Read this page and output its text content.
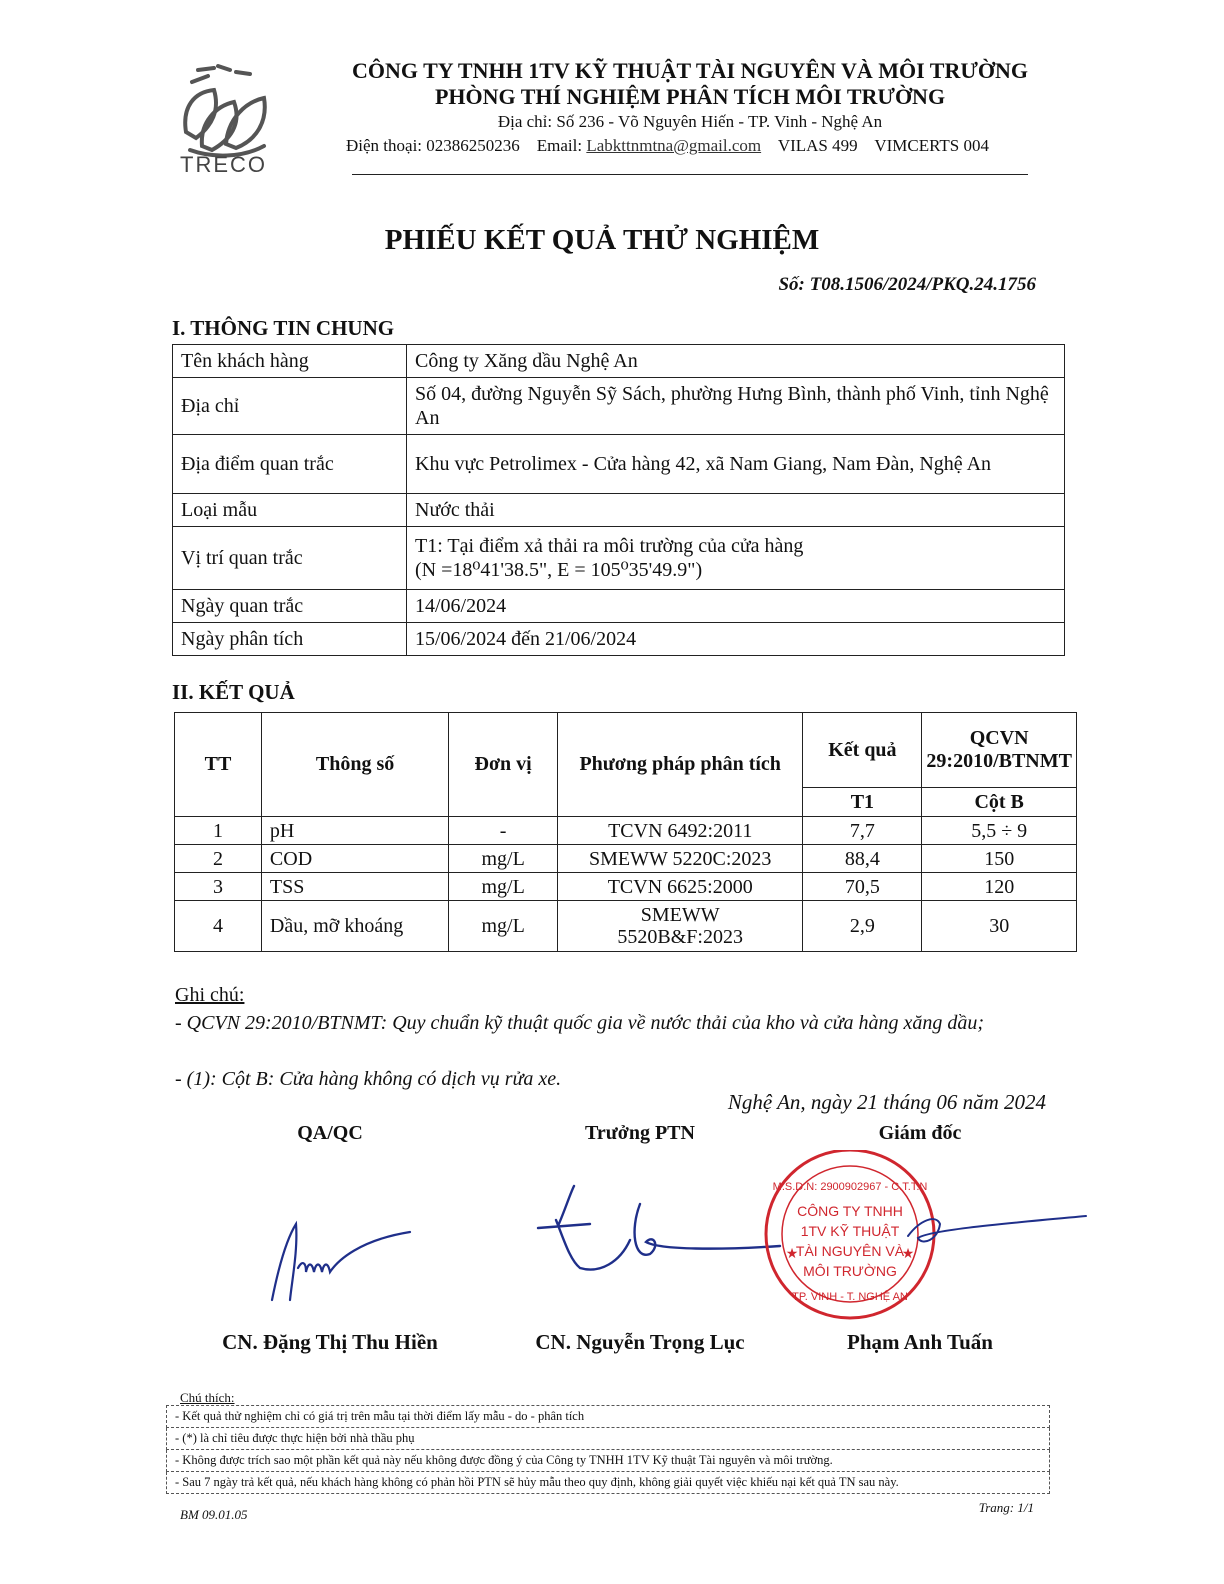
TRECO
CÔNG TY TNHH 1TV KỸ THUẬT TÀI NGUYÊN VÀ MÔI TRƯỜNG
PHÒNG THÍ NGHIỆM PHÂN TÍCH MÔI TRƯỜNG
Địa chỉ: Số 236 - Võ Nguyên Hiến - TP. Vinh - Nghệ An
Điện thoại: 02386250236 Email: Labkttnmtna@gmail.com VILAS 499 VIMCERTS 004
PHIẾU KẾT QUẢ THỬ NGHIỆM
Số: T08.1506/2024/PKQ.24.1756
I. THÔNG TIN CHUNG
Tên khách hàng	Công ty Xăng dầu Nghệ An
Địa chỉ	Số 04, đường Nguyễn Sỹ Sách, phường Hưng Bình, thành phố Vinh, tỉnh Nghệ An
Địa điểm quan trắc	Khu vực Petrolimex - Cửa hàng 42, xã Nam Giang, Nam Đàn, Nghệ An
Loại mẫu	Nước thải
Vị trí quan trắc	T1: Tại điểm xả thải ra môi trường của cửa hàng
(N =18⁰41'38.5", E = 105⁰35'49.9")

Ngày quan trắc	14/06/2024
Ngày phân tích	15/06/2024 đến 21/06/2024
II. KẾT QUẢ
TT	Thông số	Đơn vị	Phương pháp phân tích	Kết quả	QCVN 29:2010/BTNMT
				T1	Cột B
1	pH	-	TCVN 6492:2011	7,7	5,5 ÷ 9
2	COD	mg/L	SMEWW 5220C:2023	88,4	150
3	TSS	mg/L	TCVN 6625:2000	70,5	120
4	Dầu, mỡ khoáng	mg/L	SMEWW 5520B&F:2023	2,9	30
Ghi chú:
- QCVN 29:2010/BTNMT: Quy chuẩn kỹ thuật quốc gia về nước thải của kho và cửa hàng xăng dầu;
- (1): Cột B: Cửa hàng không có dịch vụ rửa xe.
Nghệ An, ngày 21 tháng 06 năm 2024
QA/QC	Trưởng PTN	Giám đốc
M.S.D.N: 2900902967 - C.T.T.N
CÔNG TY TNHH
1TV KỸ THUẬT
TÀI NGUYÊN VÀ
MÔI TRƯỜNG
TP. VINH - T. NGHỆ AN
★	★
CN. Đặng Thị Thu Hiền	CN. Nguyễn Trọng Lục	Phạm Anh Tuấn
Chú thích:
- Kết quả thử nghiệm chỉ có giá trị trên mẫu tại thời điểm lấy mẫu - do - phân tích
- (*) là chỉ tiêu được thực hiện bởi nhà thầu phụ
- Không được trích sao một phần kết quả này nếu không được đồng ý của Công ty TNHH 1TV Kỹ thuật Tài nguyên và môi trường.
- Sau 7 ngày trả kết quả, nếu khách hàng không có phản hồi PTN sẽ hủy mẫu theo quy định, không giải quyết việc khiếu nại kết quả TN sau này.
BM 09.01.05	Trang: 1/1
